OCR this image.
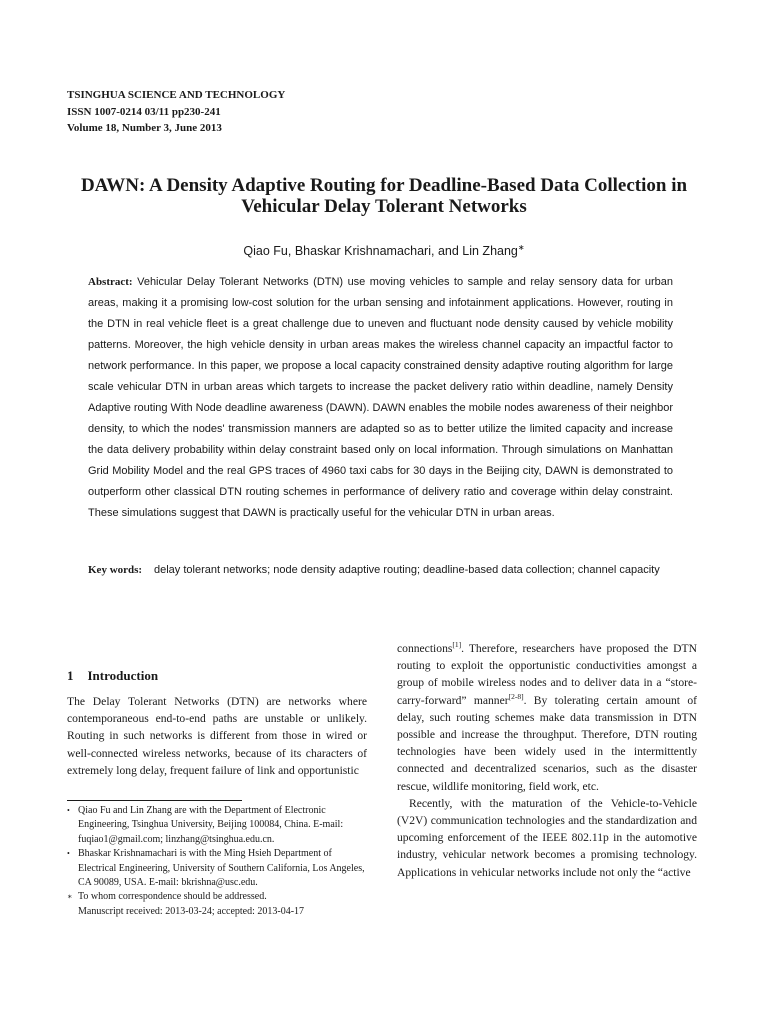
TSINGHUA SCIENCE AND TECHNOLOGY
ISSN 1007-0214 03/11 pp230-241
Volume 18, Number 3, June 2013
DAWN: A Density Adaptive Routing for Deadline-Based Data Collection in Vehicular Delay Tolerant Networks
Qiao Fu, Bhaskar Krishnamachari, and Lin Zhang∗
Abstract: Vehicular Delay Tolerant Networks (DTN) use moving vehicles to sample and relay sensory data for urban areas, making it a promising low-cost solution for the urban sensing and infotainment applications. However, routing in the DTN in real vehicle fleet is a great challenge due to uneven and fluctuant node density caused by vehicle mobility patterns. Moreover, the high vehicle density in urban areas makes the wireless channel capacity an impactful factor to network performance. In this paper, we propose a local capacity constrained density adaptive routing algorithm for large scale vehicular DTN in urban areas which targets to increase the packet delivery ratio within deadline, namely Density Adaptive routing With Node deadline awareness (DAWN). DAWN enables the mobile nodes awareness of their neighbor density, to which the nodes' transmission manners are adapted so as to better utilize the limited capacity and increase the data delivery probability within delay constraint based only on local information. Through simulations on Manhattan Grid Mobility Model and the real GPS traces of 4960 taxi cabs for 30 days in the Beijing city, DAWN is demonstrated to outperform other classical DTN routing schemes in performance of delivery ratio and coverage within delay constraint. These simulations suggest that DAWN is practically useful for the vehicular DTN in urban areas.
Key words:	delay tolerant networks; node density adaptive routing; deadline-based data collection; channel capacity
1 Introduction

The Delay Tolerant Networks (DTN) are networks where contemporaneous end-to-end paths are unstable or unlikely. Routing in such networks is different from those in wired or well-connected wireless networks, because of its characters of extremely long delay, frequent failure of link and opportunistic

• Qiao Fu and Lin Zhang are with the Department of Electronic Engineering, Tsinghua University, Beijing 100084, China. E-mail: fuqiao1@gmail.com; linzhang@tsinghua.edu.cn.
• Bhaskar Krishnamachari is with the Ming Hsieh Department of Electrical Engineering, University of Southern California, Los Angeles, CA 90089, USA. E-mail: bkrishna@usc.edu.
∗ To whom correspondence should be addressed.
Manuscript received: 2013-03-24; accepted: 2013-04-17

connections[1]. Therefore, researchers have proposed the DTN routing to exploit the opportunistic conductivities amongst a group of mobile wireless nodes and to deliver data in a “store-carry-forward” manner[2-8]. By tolerating certain amount of delay, such routing schemes make data transmission in DTN possible and increase the throughput. Therefore, DTN routing technologies have been widely used in the intermittently connected and decentralized scenarios, such as the disaster rescue, wildlife monitoring, field work, etc.

Recently, with the maturation of the Vehicle-to-Vehicle (V2V) communication technologies and the standardization and upcoming enforcement of the IEEE 802.11p in the automotive industry, vehicular network becomes a promising technology. Applications in vehicular networks include not only the “active
